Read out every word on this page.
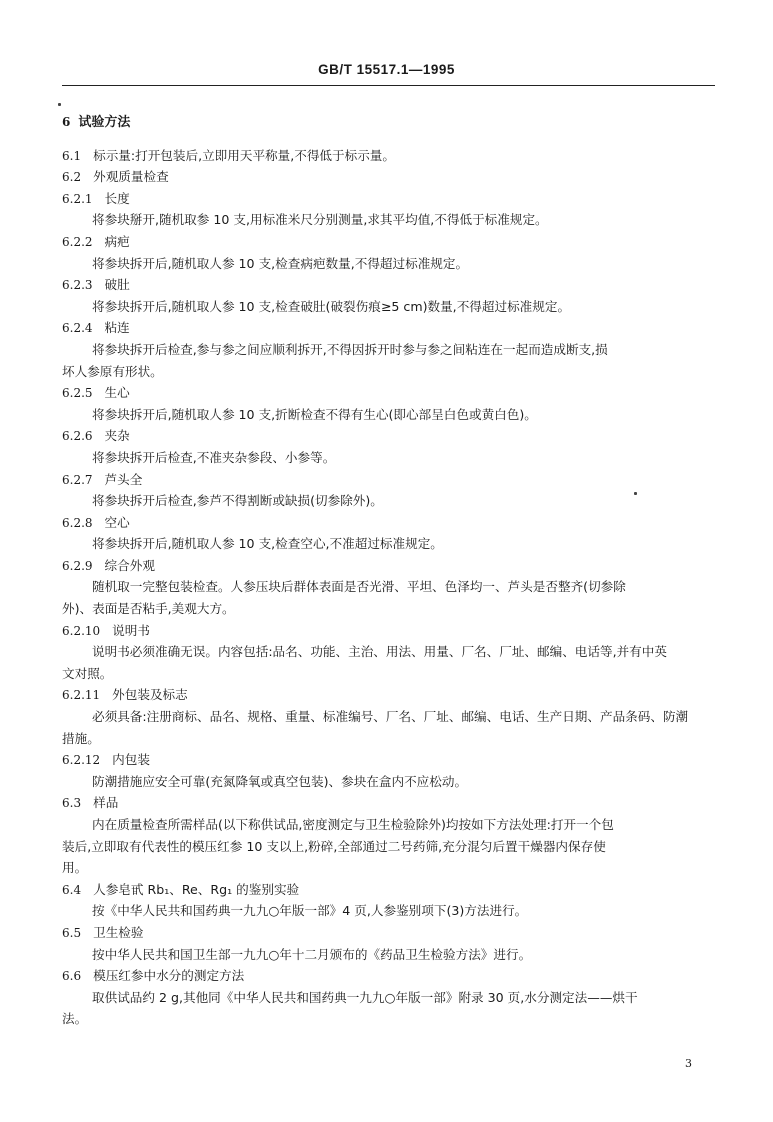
GB/T 15517.1—1995
6 试验方法
6.1 标示量:打开包装后,立即用天平称量,不得低于标示量。
6.2 外观质量检查
6.2.1 长度
将参块掰开,随机取参 10 支,用标准米尺分别测量,求其平均值,不得低于标准规定。
6.2.2 病疤
将参块拆开后,随机取人参 10 支,检查病疤数量,不得超过标准规定。
6.2.3 破肚
将参块拆开后,随机取人参 10 支,检查破肚(破裂伤痕≥5 cm)数量,不得超过标准规定。
6.2.4 粘连
将参块拆开后检查,参与参之间应顺利拆开,不得因拆开时参与参之间粘连在一起而造成断支,损
坏人参原有形状。
6.2.5 生心
将参块拆开后,随机取人参 10 支,折断检查不得有生心(即心部呈白色或黄白色)。
6.2.6 夹杂
将参块拆开后检查,不准夹杂参段、小参等。
6.2.7 芦头全
将参块拆开后检查,参芦不得割断或缺损(切参除外)。
6.2.8 空心
将参块拆开后,随机取人参 10 支,检查空心,不准超过标准规定。
6.2.9 综合外观
随机取一完整包装检查。人参压块后群体表面是否光滑、平坦、色泽均一、芦头是否整齐(切参除
外)、表面是否粘手,美观大方。
6.2.10 说明书
说明书必须准确无误。内容包括:品名、功能、主治、用法、用量、厂名、厂址、邮编、电话等,并有中英
文对照。
6.2.11 外包装及标志
必须具备:注册商标、品名、规格、重量、标准编号、厂名、厂址、邮编、电话、生产日期、产品条码、防潮
措施。
6.2.12 内包装
防潮措施应安全可靠(充氮降氧或真空包装)、参块在盒内不应松动。
6.3 样品
内在质量检查所需样品(以下称供试品,密度测定与卫生检验除外)均按如下方法处理:打开一个包
装后,立即取有代表性的模压红参 10 支以上,粉碎,全部通过二号药筛,充分混匀后置干燥器内保存使
用。
6.4 人参皂甙 Rb₁、Re、Rg₁ 的鉴别实验
按《中华人民共和国药典一九九○年版一部》4 页,人参鉴别项下(3)方法进行。
6.5 卫生检验
按中华人民共和国卫生部一九九○年十二月颁布的《药品卫生检验方法》进行。
6.6 模压红参中水分的测定方法
取供试品约 2 g,其他同《中华人民共和国药典一九九○年版一部》附录 30 页,水分测定法——烘干
法。
3
